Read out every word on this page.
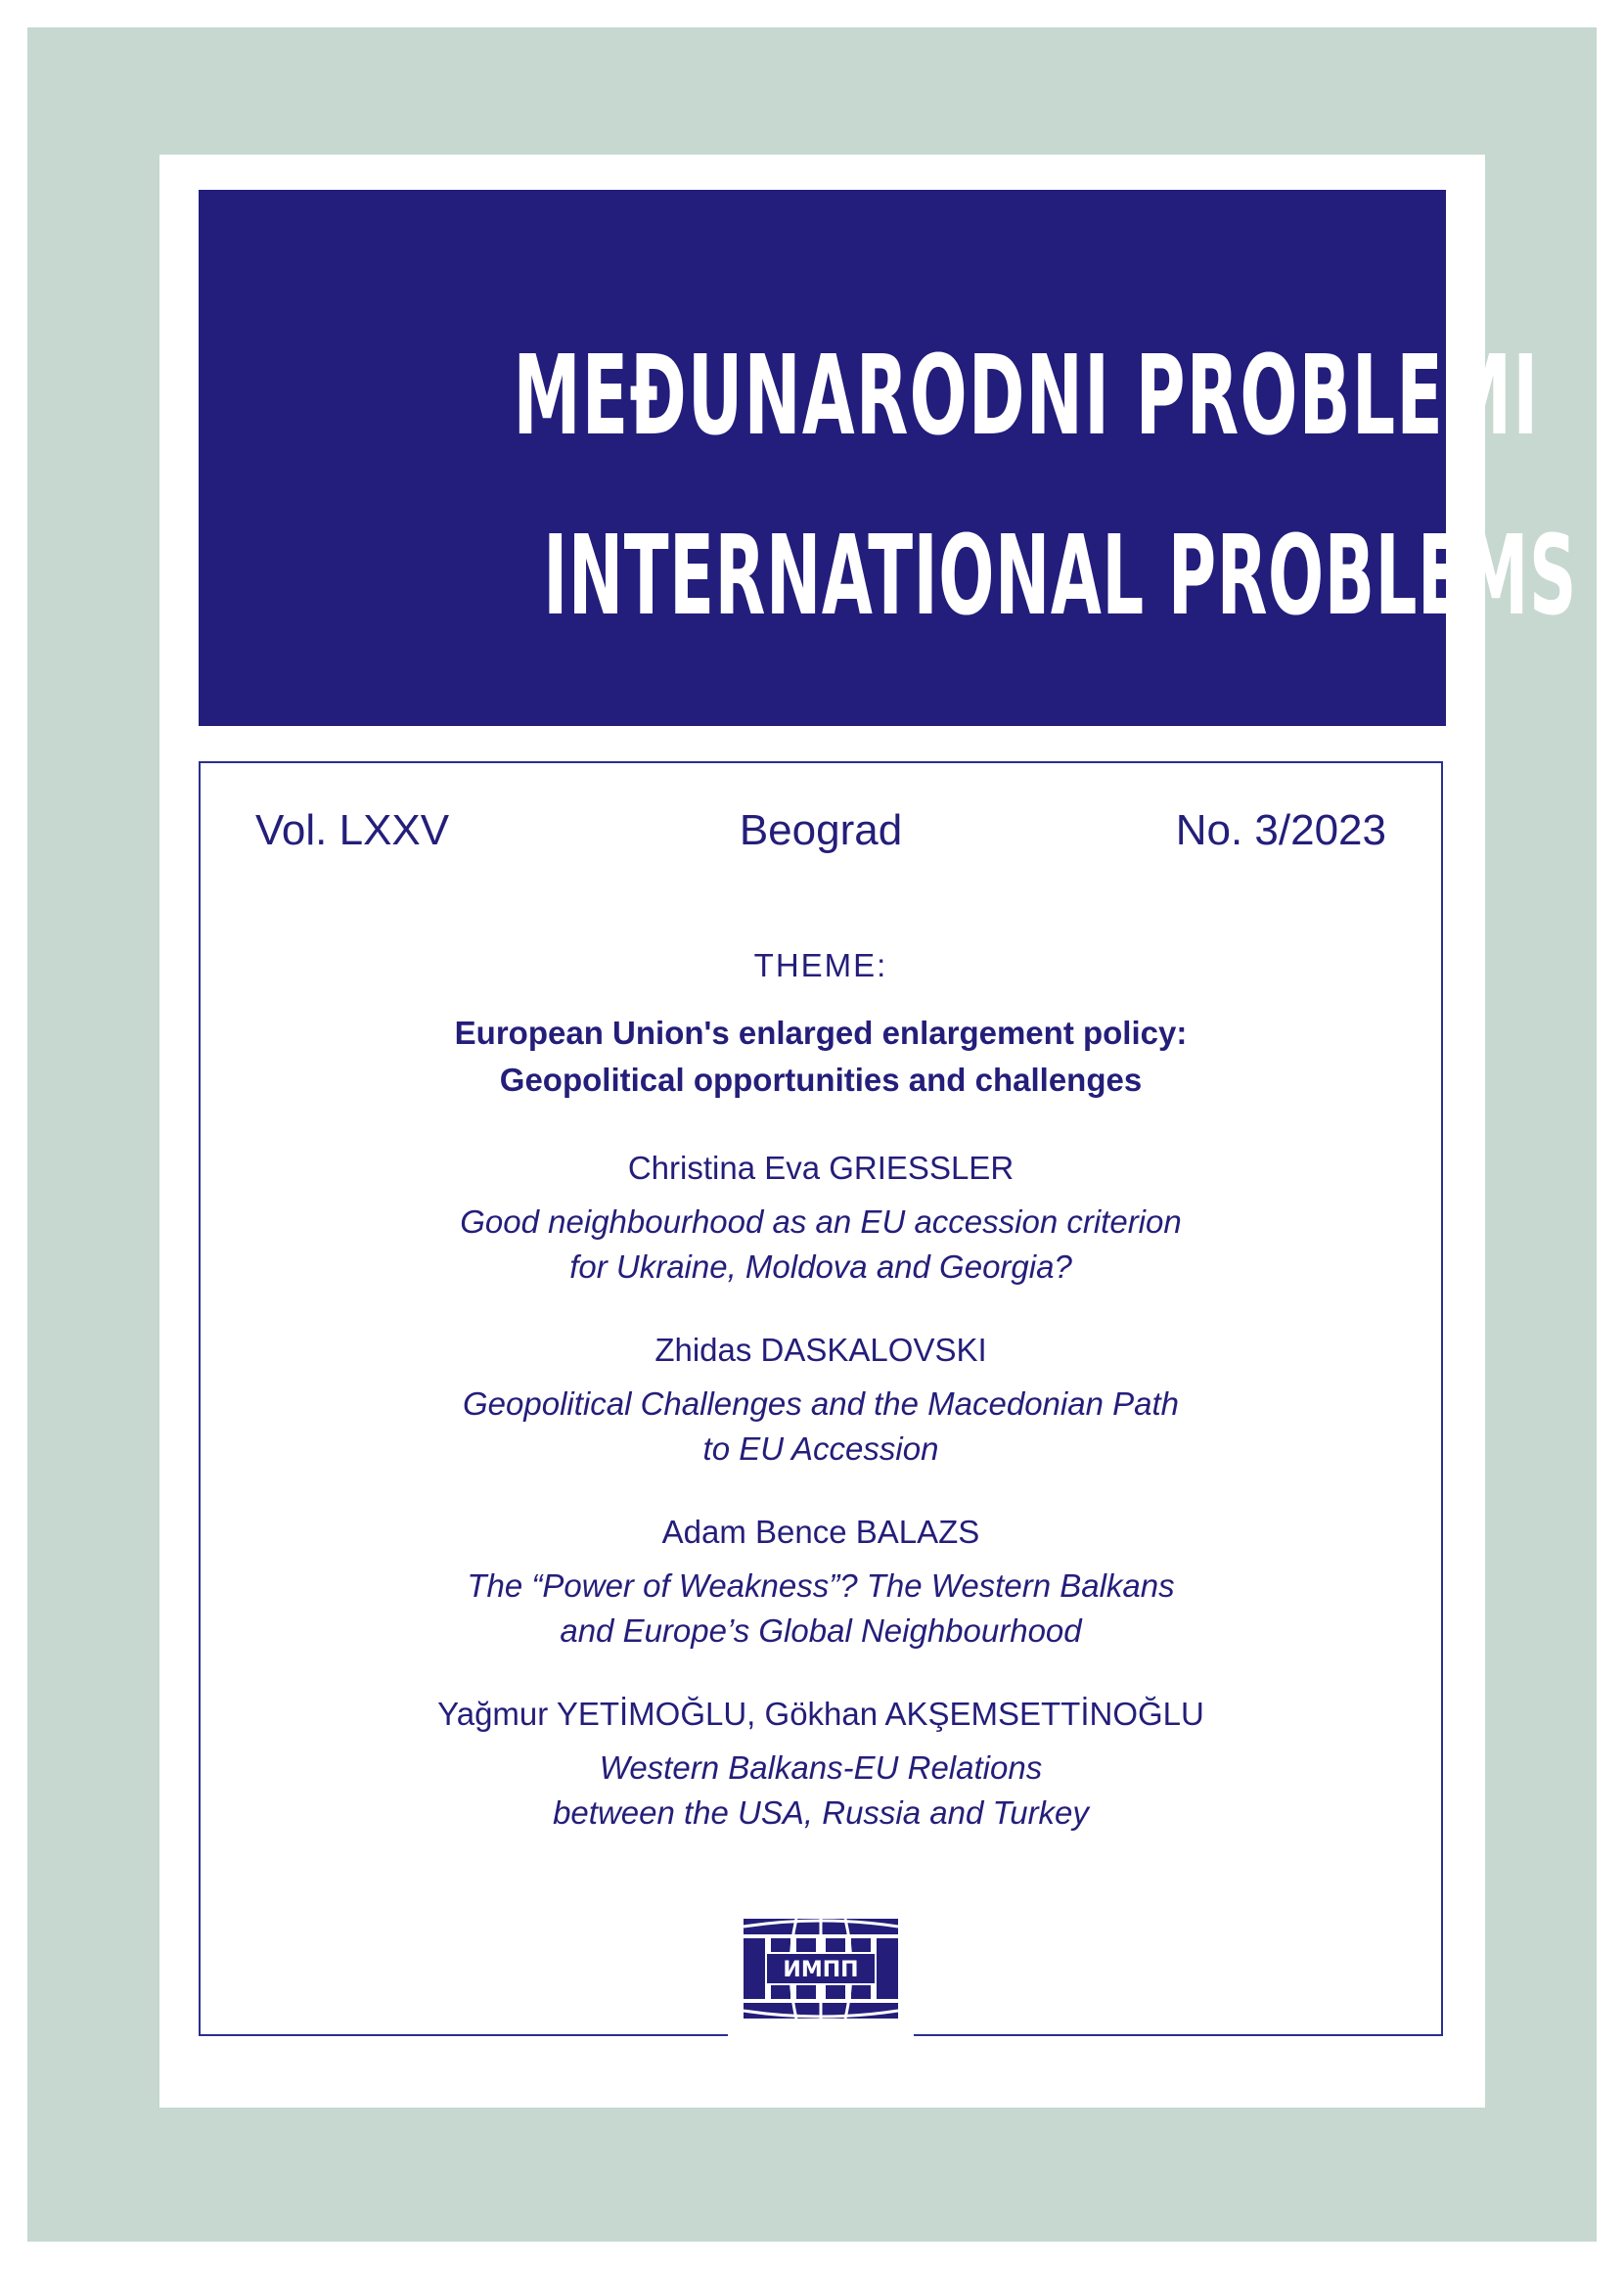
MEĐUNARODNI PROBLEMI
INTERNATIONAL PROBLEMS
Vol. LXXV	Beograd	No. 3/2023
THEME:
European Union's enlarged enlargement policy:
Geopolitical opportunities and challenges
Christina Eva GRIESSLER
Good neighbourhood as an EU accession criterion
for Ukraine, Moldova and Georgia?
Zhidas DASKALOVSKI
Geopolitical Challenges and the Macedonian Path
to EU Accession
Adam Bence BALAZS
The “Power of Weakness”? The Western Balkans
and Europe’s Global Neighbourhood
Yağmur YETİMOĞLU, Gökhan AKŞEMSETTİNOĞLU
Western Balkans-EU Relations
between the USA, Russia and Turkey
ИМПП
